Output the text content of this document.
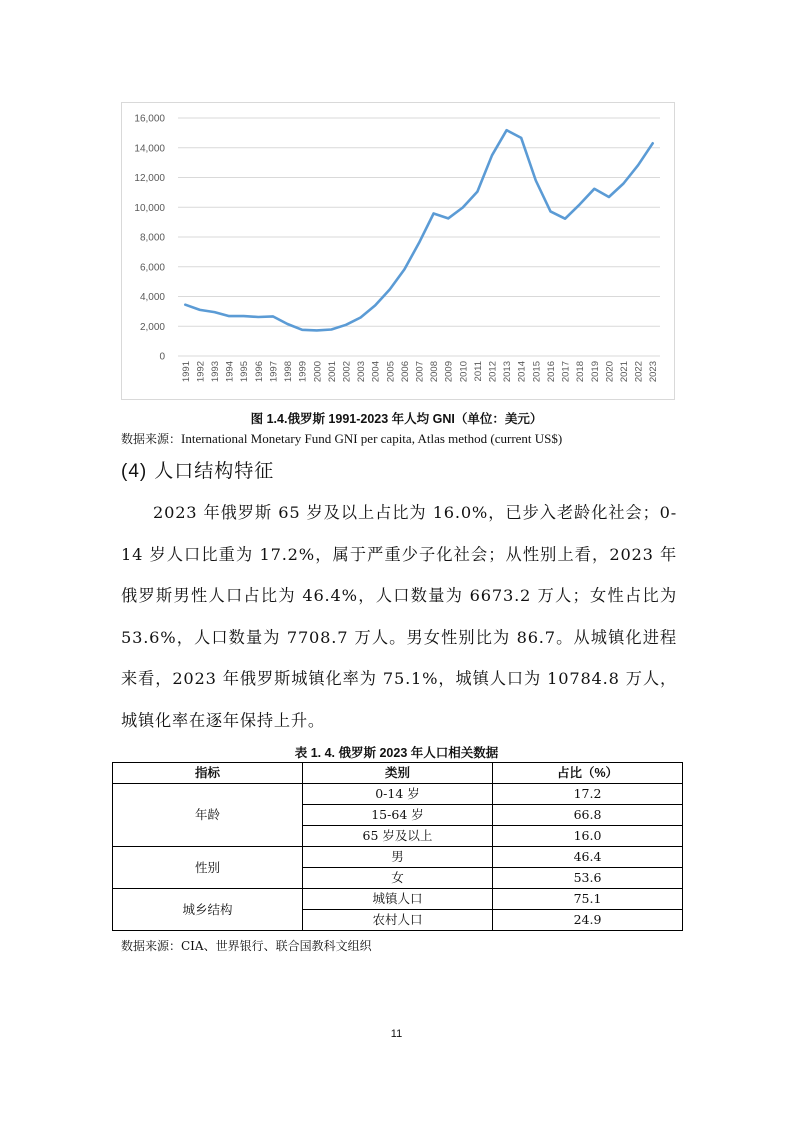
0
2,000
4,000
6,000
8,000
10,000
12,000
14,000
16,000
1991 1992 1993 1994 1995 1996 1997 1998 1999 2000 2001 2002 2003 2004 2005 2006 2007 2008 2009 2010 2011 2012 2013 2014 2015 2016 2017 2018 2019 2020 2021 2022 2023
图 1.4.俄罗斯 1991-2023 年人均 GNI（单位：美元）
数据来源：International Monetary Fund GNI per capita, Atlas method (current US$)
(4) 人口结构特征

2023 年俄罗斯 65 岁及以上占比为 16.0%，已步入老龄化社会；0-14 岁人口比重为 17.2%，属于严重少子化社会；从性别上看，2023 年俄罗斯男性人口占比为 46.4%，人口数量为 6673.2 万人；女性占比为 53.6%，人口数量为 7708.7 万人。男女性别比为 86.7。从城镇化进程来看，2023 年俄罗斯城镇化率为 75.1%，城镇人口为 10784.8 万人，城镇化率在逐年保持上升。

表 1. 4. 俄罗斯 2023 年人口相关数据
指标	类别	占比（%）
年龄	0-14 岁	17.2
	15-64 岁	66.8
	65 岁及以上	16.0
性别	男	46.4
	女	53.6
城乡结构	城镇人口	75.1
	农村人口	24.9
数据来源：CIA、世界银行、联合国教科文组织
11
